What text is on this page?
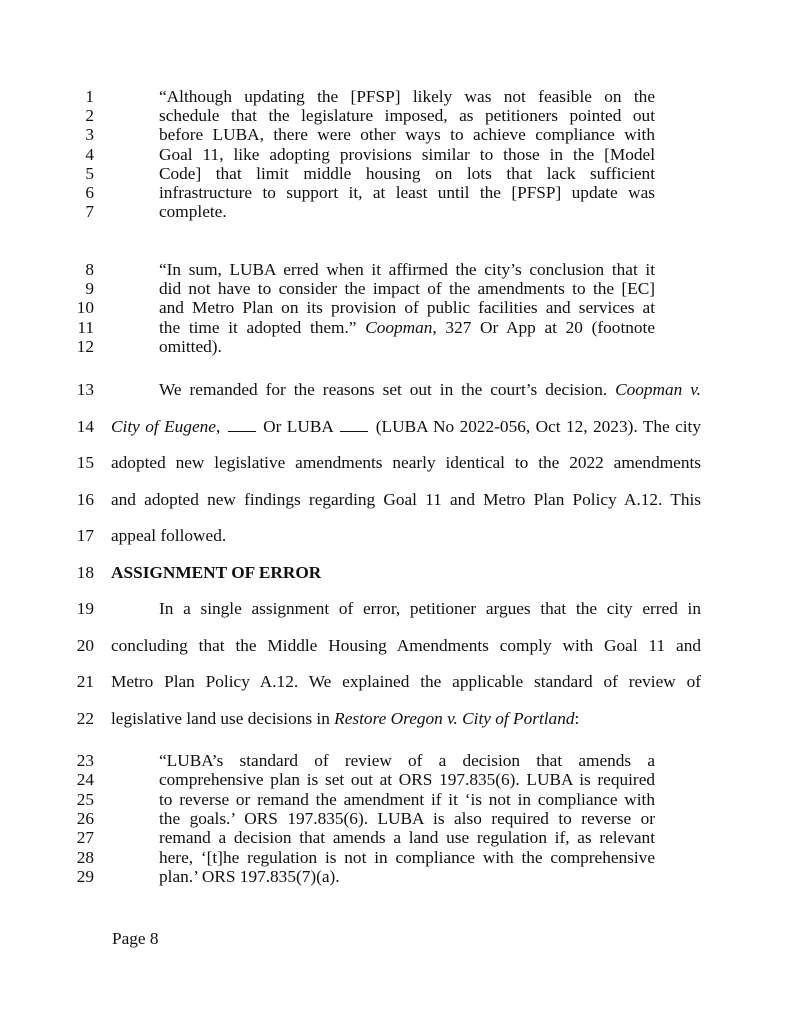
1	“Although updating the [PFSP] likely was not feasible on the
2	schedule that the legislature imposed, as petitioners pointed out
3	before LUBA, there were other ways to achieve compliance with
4	Goal 11, like adopting provisions similar to those in the [Model
5	Code] that limit middle housing on lots that lack sufficient
6	infrastructure to support it, at least until the [PFSP] update was
7	complete.
8	“In sum, LUBA erred when it affirmed the city’s conclusion that it
9	did not have to consider the impact of the amendments to the [EC]
10	and Metro Plan on its provision of public facilities and services at
11	the time it adopted them.” Coopman, 327 Or App at 20 (footnote
12	omitted).
13	We remanded for the reasons set out in the court’s decision. Coopman v.
14 City of Eugene, Or LUBA (LUBA No 2022-056, Oct 12, 2023). The city
15 adopted new legislative amendments nearly identical to the 2022 amendments
16 and adopted new findings regarding Goal 11 and Metro Plan Policy A.12. This
17 appeal followed.
18 ASSIGNMENT OF ERROR
19	In a single assignment of error, petitioner argues that the city erred in
20 concluding that the Middle Housing Amendments comply with Goal 11 and
21 Metro Plan Policy A.12. We explained the applicable standard of review of
22 legislative land use decisions in Restore Oregon v. City of Portland:
23	“LUBA’s standard of review of a decision that amends a
24	comprehensive plan is set out at ORS 197.835(6). LUBA is required
25	to reverse or remand the amendment if it ‘is not in compliance with
26	the goals.’ ORS 197.835(6). LUBA is also required to reverse or
27	remand a decision that amends a land use regulation if, as relevant
28	here, ‘[t]he regulation is not in compliance with the comprehensive
29	plan.’ ORS 197.835(7)(a).
Page 8
